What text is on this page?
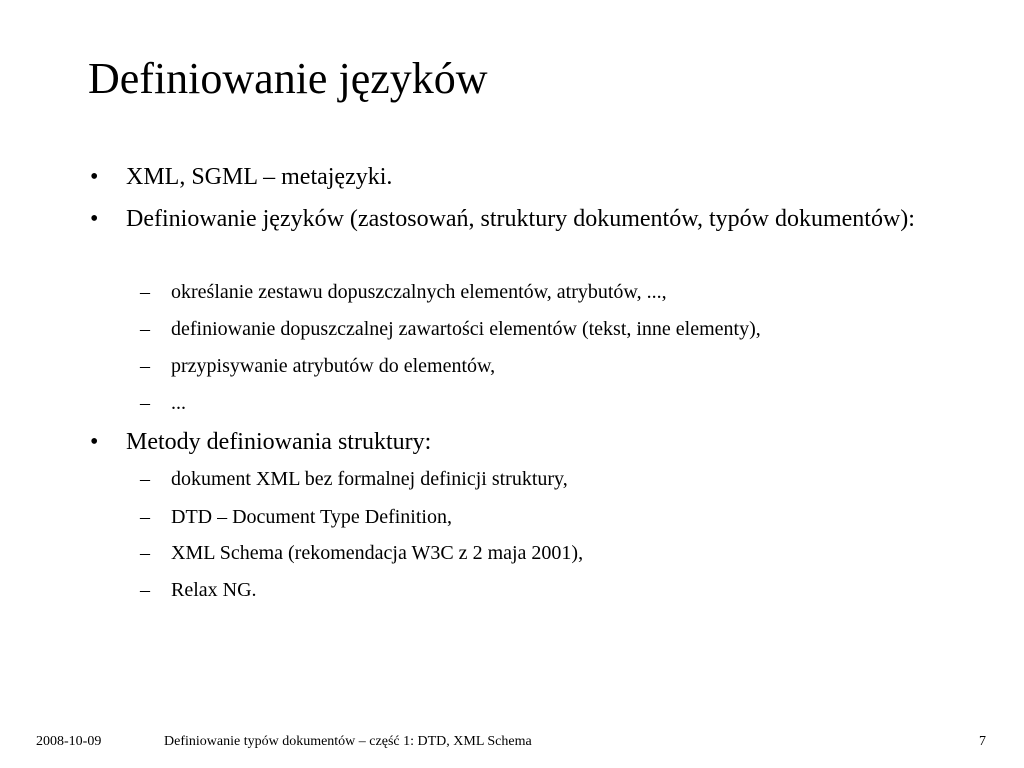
Definiowanie języków
• XML, SGML – metajęzyki.
• Definiowanie języków (zastosowań, struktury dokumentów, typów dokumentów):
– określanie zestawu dopuszczalnych elementów, atrybutów, ...,
– definiowanie dopuszczalnej zawartości elementów (tekst, inne elementy),
– przypisywanie atrybutów do elementów,
– ...
• Metody definiowania struktury:
– dokument XML bez formalnej definicji struktury,
– DTD – Document Type Definition,
– XML Schema (rekomendacja W3C z 2 maja 2001),
– Relax NG.
2008-10-09	Definiowanie typów dokumentów – część 1: DTD, XML Schema	7
